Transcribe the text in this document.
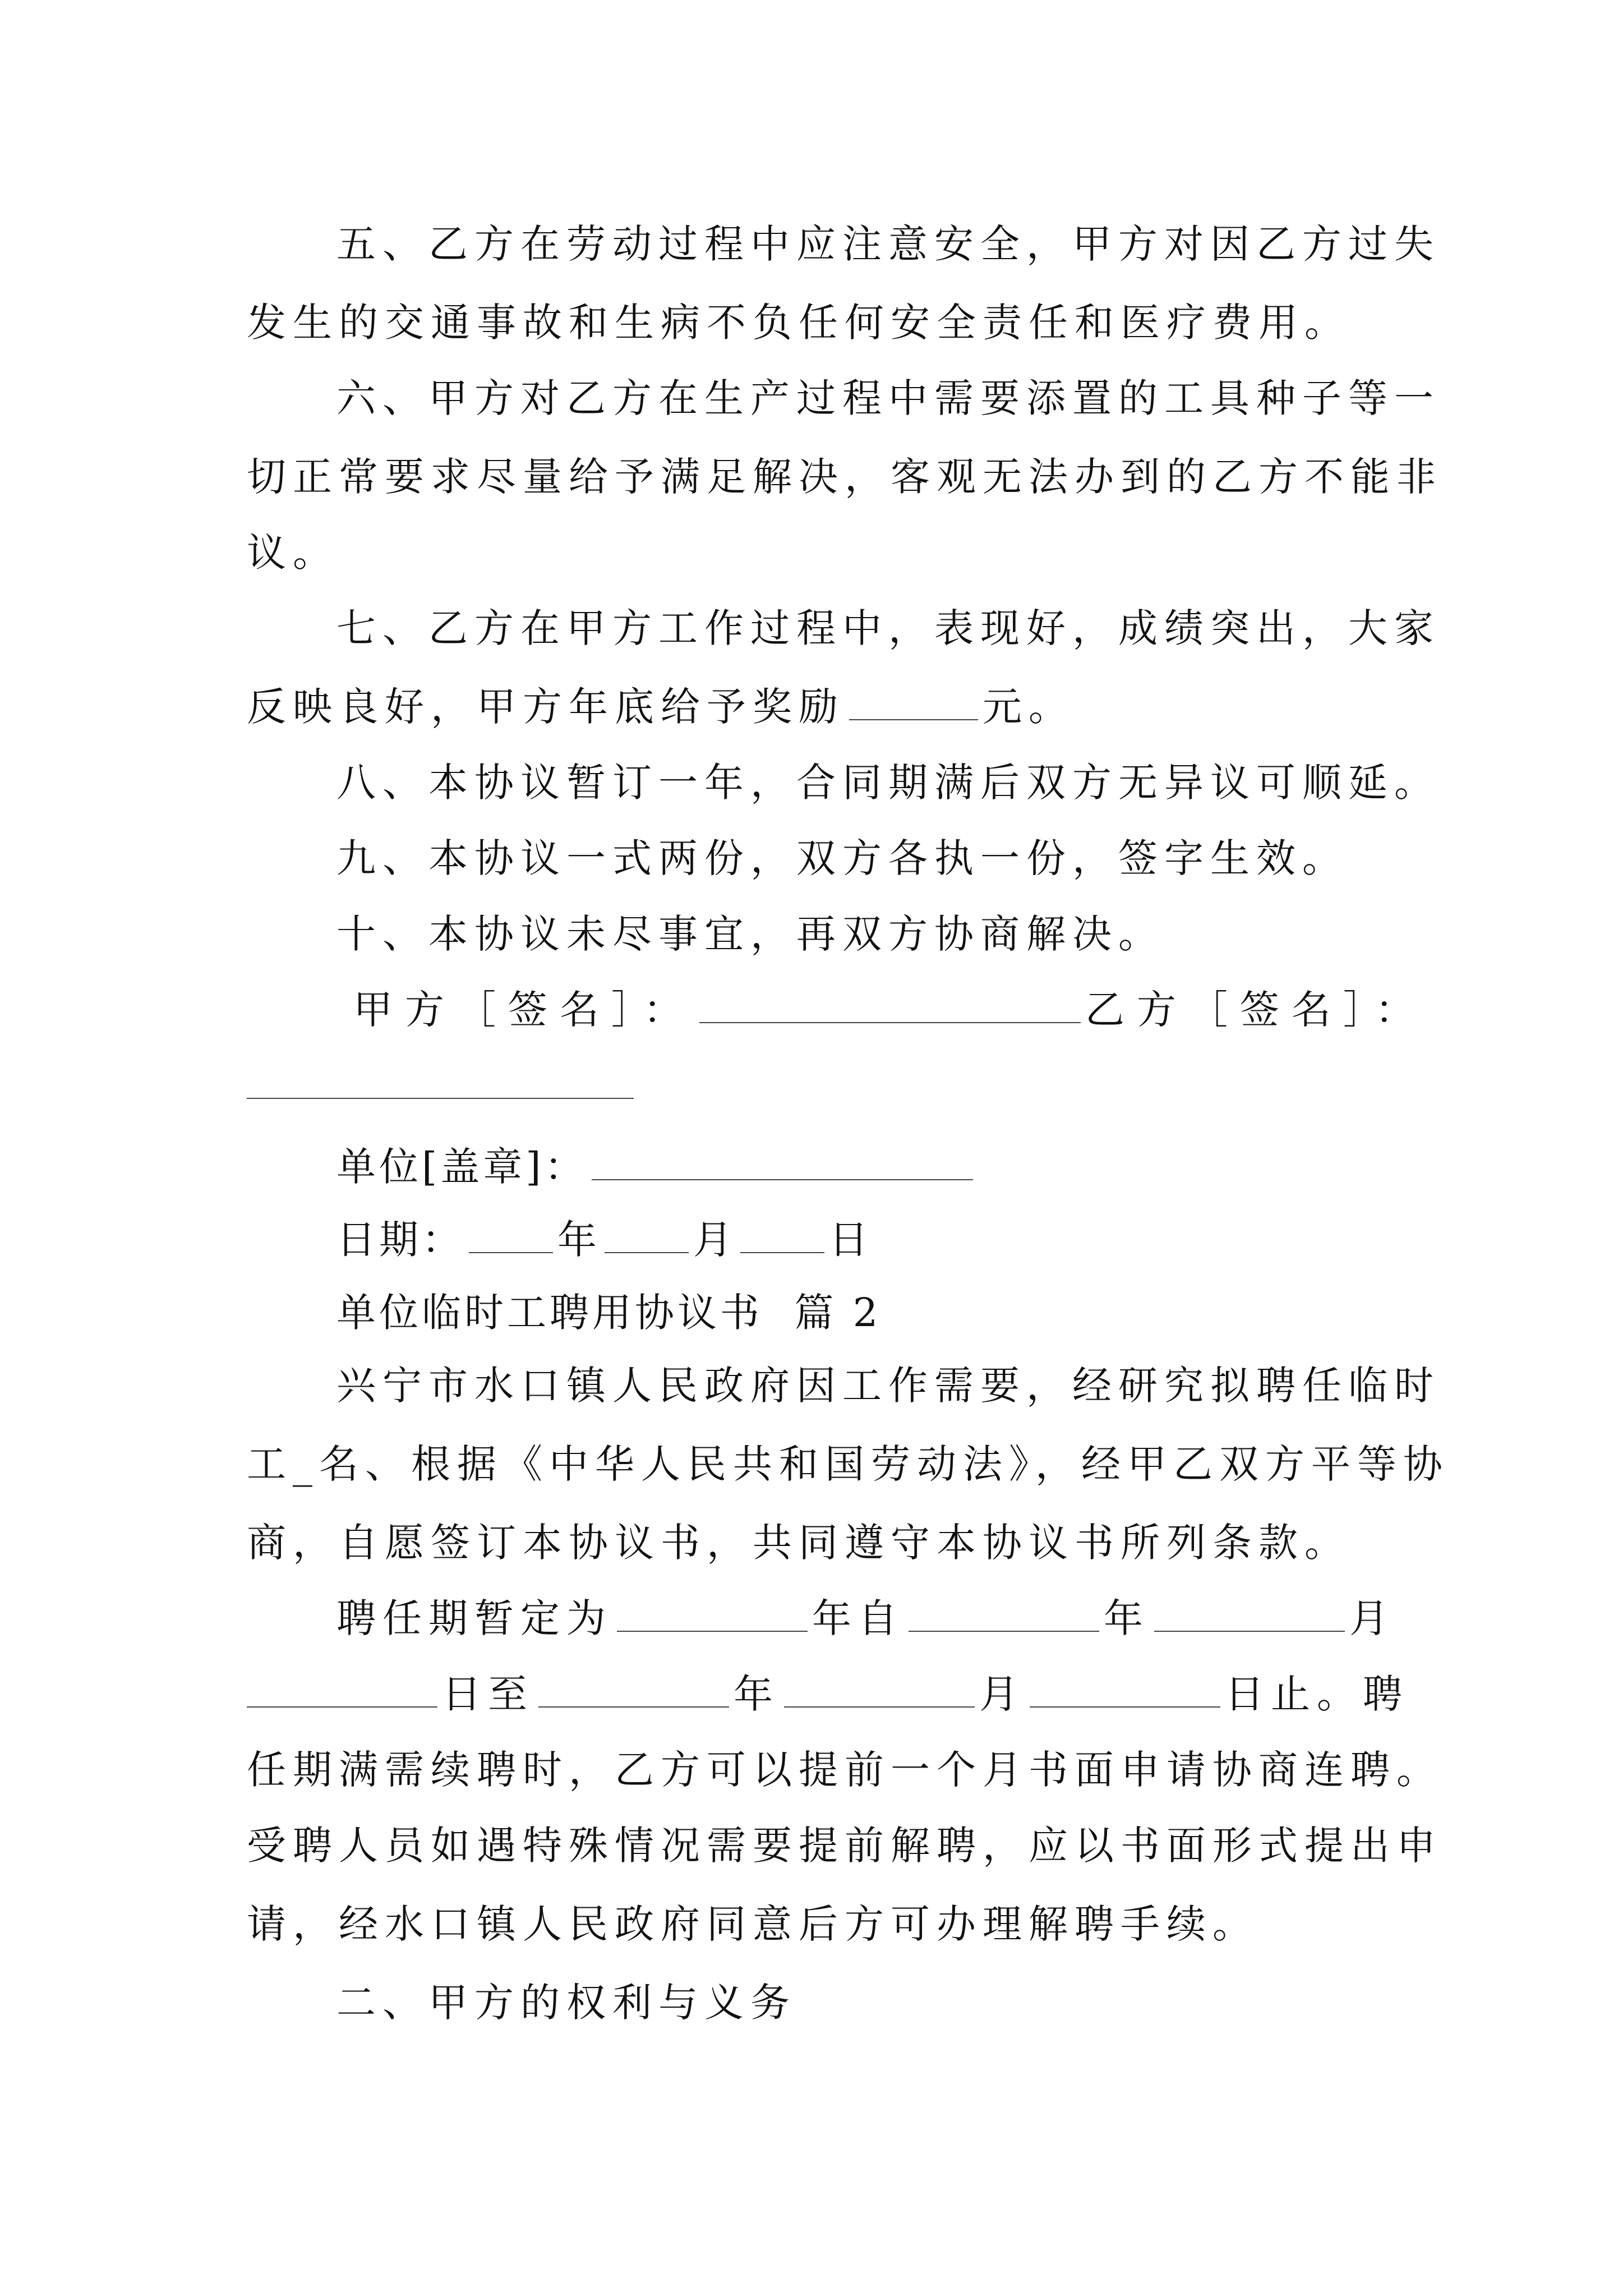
五、乙方在劳动过程中应注意安全，甲方对因乙方过失
发生的交通事故和生病不负任何安全责任和医疗费用。
六、甲方对乙方在生产过程中需要添置的工具种子等一
切正常要求尽量给予满足解决，客观无法办到的乙方不能非
议。
七、乙方在甲方工作过程中，表现好，成绩突出，大家
反映良好，甲方年底给予奖励	元。
八、本协议暂订一年，合同期满后双方无异议可顺延。
九、本协议一式两份，双方各执一份，签字生效。
十、本协议未尽事宜，再双方协商解决。
甲方［签名］：	乙方［签名］：
单位[盖章]：
日期： 年 月 日
单位临时工聘用协议书  篇 2
兴宁市水口镇人民政府因工作需要，经研究拟聘任临时
工_名、根据《中华人民共和国劳动法》，经甲乙双方平等协
商，自愿签订本协议书，共同遵守本协议书所列条款。
聘任期暂定为	年自	年	月
日至	年	月	日止。聘
任期满需续聘时，乙方可以提前一个月书面申请协商连聘。
受聘人员如遇特殊情况需要提前解聘，应以书面形式提出申
请，经水口镇人民政府同意后方可办理解聘手续。
二、甲方的权利与义务
